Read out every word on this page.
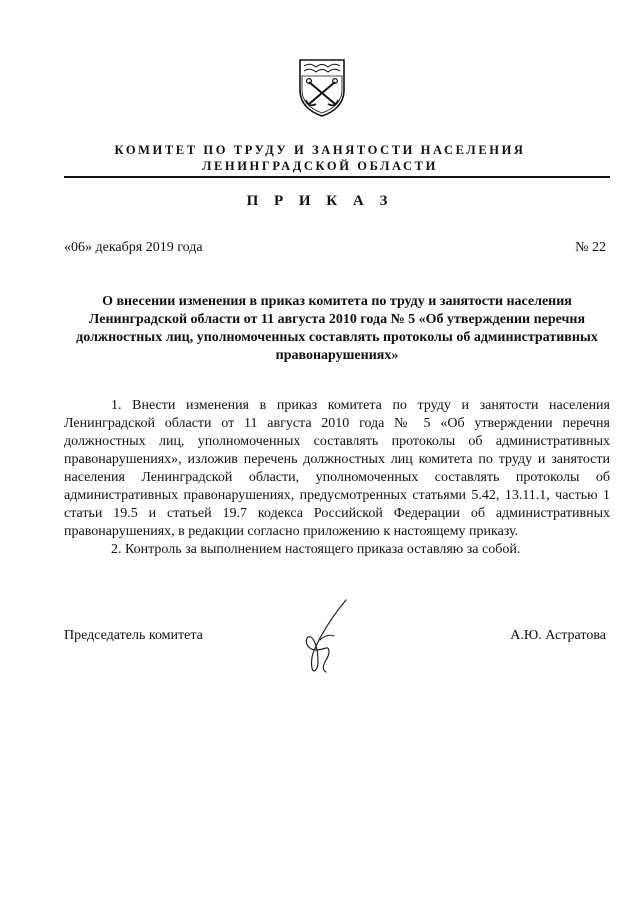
КОМИТЕТ ПО ТРУДУ И ЗАНЯТОСТИ НАСЕЛЕНИЯ
ЛЕНИНГРАДСКОЙ ОБЛАСТИ
П Р И К А З
«06» декабря 2019 года	№ 22
О внесении изменения в приказ комитета по труду и занятости населения Ленинградской области от 11 августа 2010 года № 5 «Об утверждении перечня должностных лиц, уполномоченных составлять протоколы об административных правонарушениях»

1. Внести изменения в приказ комитета по труду и занятости населения Ленинградской области от 11 августа 2010 года № 5 «Об утверждении перечня должностных лиц, уполномоченных составлять протоколы об административных правонарушениях», изложив перечень должностных лиц комитета по труду и занятости населения Ленинградской области, уполномоченных составлять протоколы об административных правонарушениях, предусмотренных статьями 5.42, 13.11.1, частью 1 статьи 19.5 и статьей 19.7 кодекса Российской Федерации об административных правонарушениях, в редакции согласно приложению к настоящему приказу.

2. Контроль за выполнением настоящего приказа оставляю за собой.

Председатель комитета	А.Ю. Астратова
